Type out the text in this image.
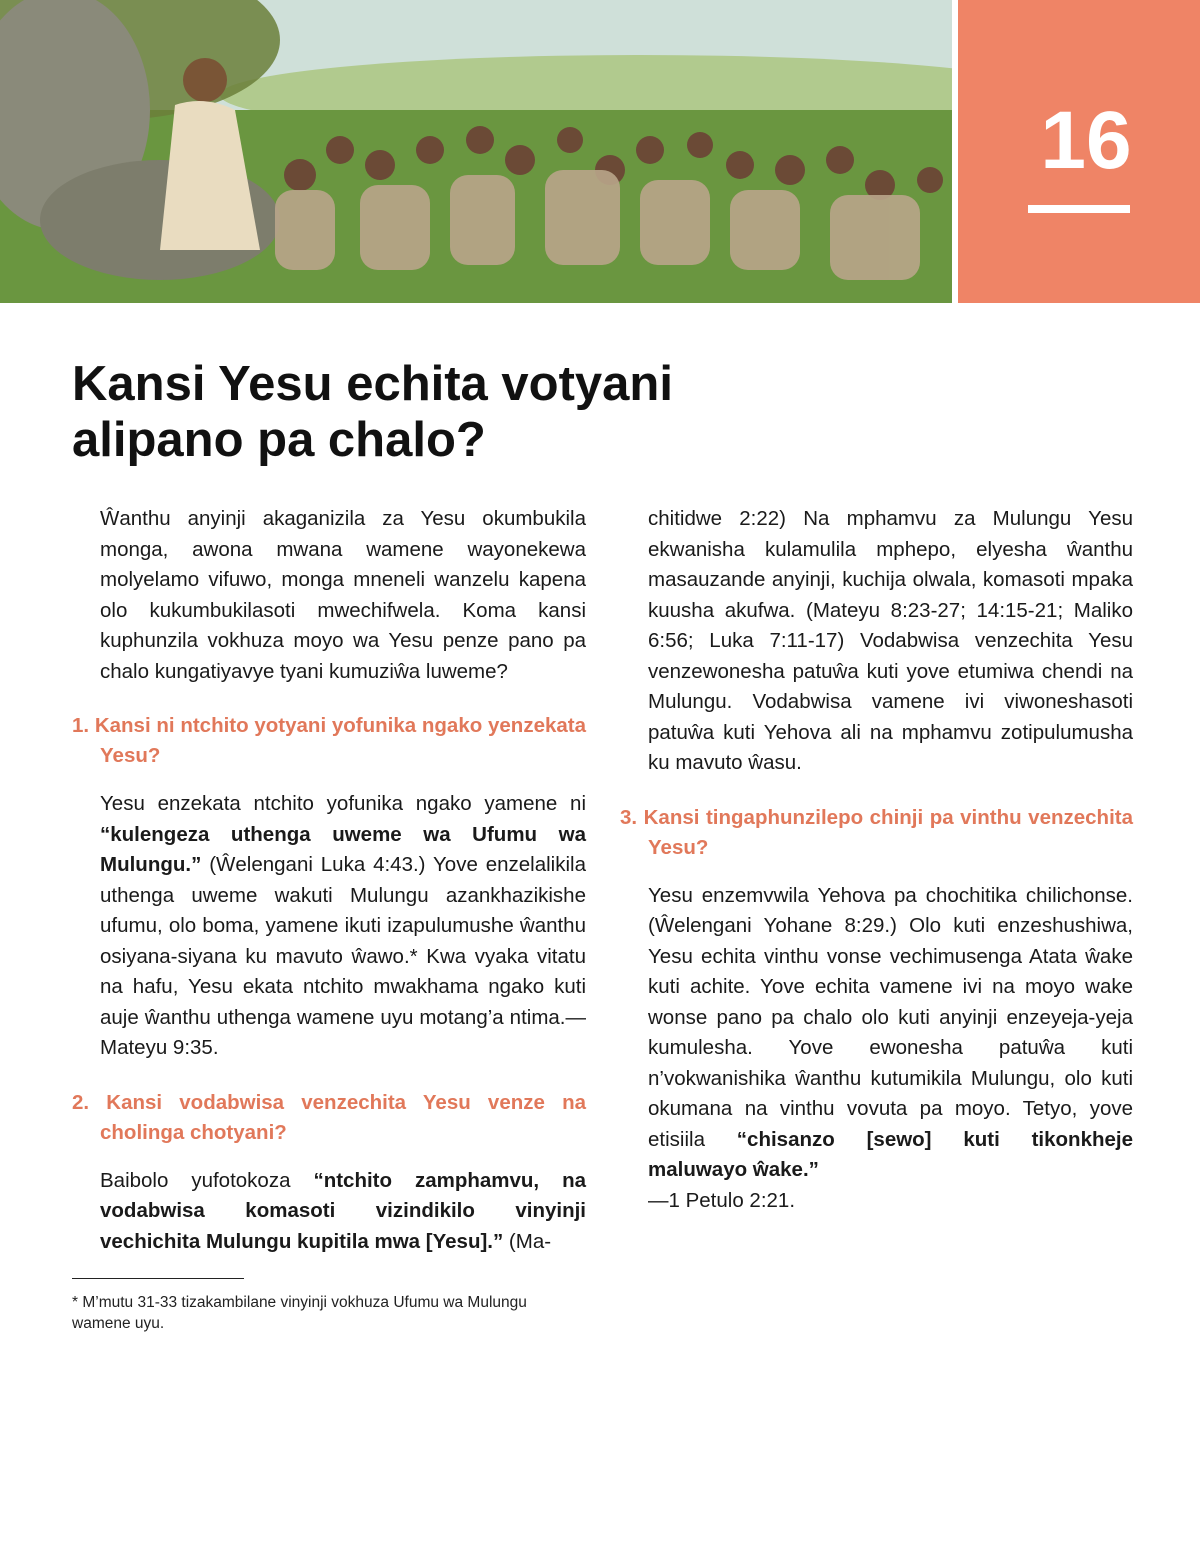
16
Kansi Yesu echita votyani alipano pa chalo?

Ŵanthu anyinji akaganizila za Yesu okumbukila monga, awona mwana wamene wayonekewa molyelamo vifuwo, monga mneneli wanzelu kapena olo kukumbukilasoti mwechifwela. Koma kansi kuphunzila vokhuza moyo wa Yesu penze pano pa chalo kungatiyavye tyani kumuziŵa luweme?

1. Kansi ni ntchito yotyani yofunika ngako yenzekata Yesu?

Yesu enzekata ntchito yofunika ngako yamene ni “kulengeza uthenga uweme wa Ufumu wa Mulungu.” (Ŵelengani Luka 4:43.) Yove enzelalikila uthenga uweme wakuti Mulungu azankhazikishe ufumu, olo boma, yamene ikuti izapulumushe ŵanthu osiyana-siyana ku mavuto ŵawo.* Kwa vyaka vitatu na hafu, Yesu ekata ntchito mwakhama ngako kuti auje ŵanthu uthenga wamene uyu motang’a ntima.—Mateyu 9:35.

2. Kansi vodabwisa venzechita Yesu venze na cholinga chotyani?

Baibolo yufotokoza “ntchito zamphamvu, na vodabwisa komasoti vizindikilo vinyinji vechichita Mulungu kupitila mwa [Yesu].” (Ma-

chitidwe 2:22) Na mphamvu za Mulungu Yesu ekwanisha kulamulila mphepo, elyesha ŵanthu masauzande anyinji, kuchija olwala, komasoti mpaka kuusha akufwa. (Mateyu 8:23-27; 14:15-21; Maliko 6:56; Luka 7:11-17) Vodabwisa venzechita Yesu venzewonesha patuŵa kuti yove etumiwa chendi na Mulungu. Vodabwisa vamene ivi viwoneshasoti patuŵa kuti Yehova ali na mphamvu zotipulumusha ku mavuto ŵasu.

3. Kansi tingaphunzilepo chinji pa vinthu venzechita Yesu?

Yesu enzemvwila Yehova pa chochitika chilichonse. (Ŵelengani Yohane 8:29.) Olo kuti enzeshushiwa, Yesu echita vinthu vonse vechimusenga Atata ŵake kuti achite. Yove echita vamene ivi na moyo wake wonse pano pa chalo olo kuti anyinji enzeyeja-yeja kumulesha. Yove ewonesha patuŵa kuti n’vokwanishika ŵanthu kutumikila Mulungu, olo kuti okumana na vinthu vovuta pa moyo. Tetyo, yove etisiila “chisanzo [sewo] kuti tikonkheje maluwayo ŵake.”
—1 Petulo 2:21.

* M’mutu 31-33 tizakambilane vinyinji vokhuza Ufumu wa Mulungu wamene uyu.
